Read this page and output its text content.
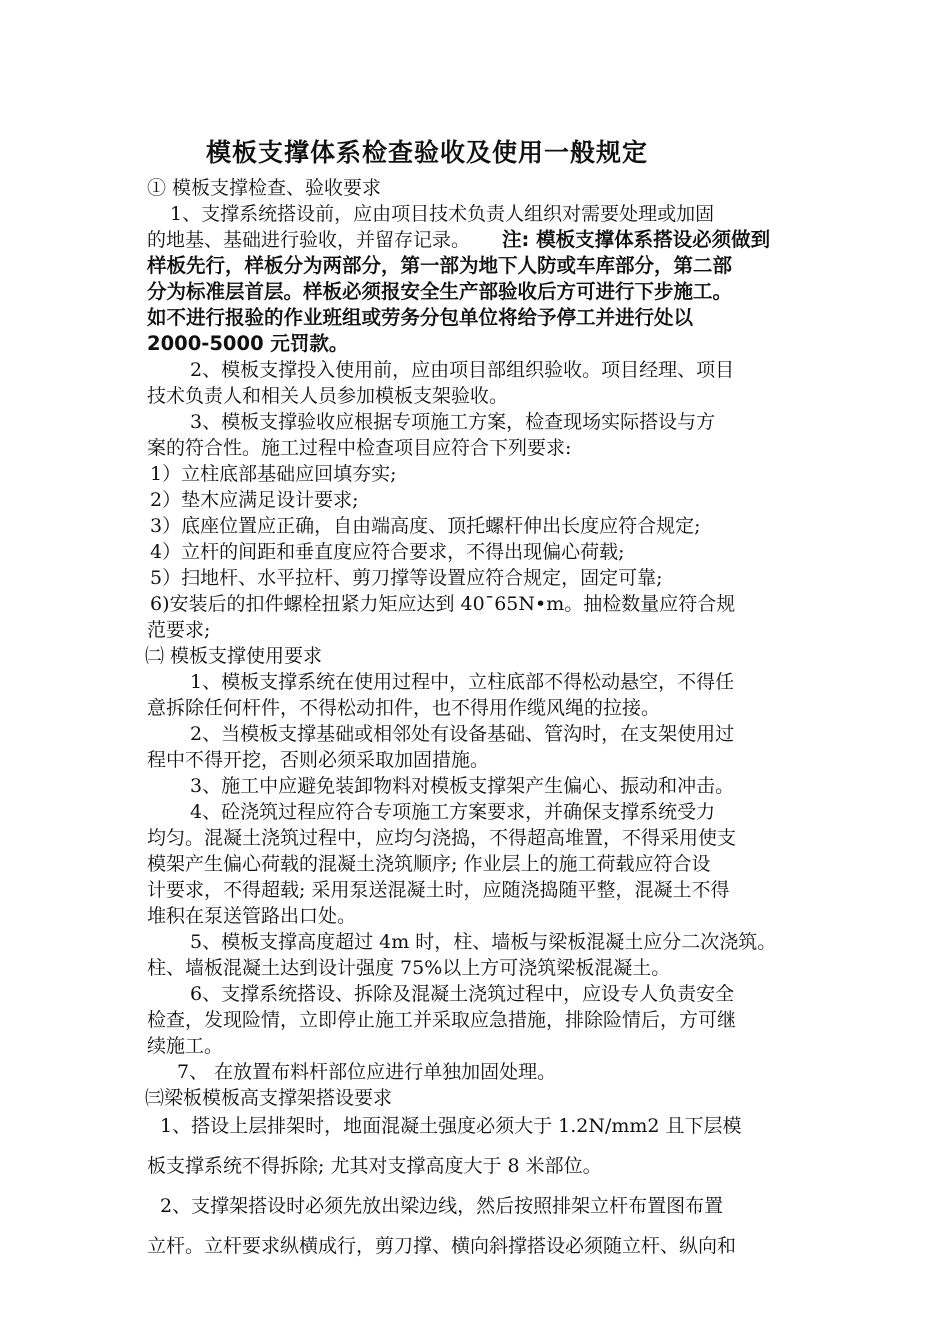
模板支撑体系检查验收及使用一般规定
① 模板支撑检查、验收要求
1、支撑系统搭设前，应由项目技术负责人组织对需要处理或加固
的地基、基础进行验收，并留存记录。 注: 模板支撑体系搭设必须做到
样板先行，样板分为两部分，第一部为地下人防或车库部分，第二部
分为标准层首层。样板必须报安全生产部验收后方可进行下步施工。
如不进行报验的作业班组或劳务分包单位将给予停工并进行处以
2000-5000 元罚款。
2、模板支撑投入使用前，应由项目部组织验收。项目经理、项目
技术负责人和相关人员参加模板支架验收。
3、模板支撑验收应根据专项施工方案，检查现场实际搭设与方
案的符合性。施工过程中检查项目应符合下列要求:
1）立柱底部基础应回填夯实;
2）垫木应满足设计要求;
3）底座位置应正确，自由端高度、顶托螺杆伸出长度应符合规定;
4）立杆的间距和垂直度应符合要求，不得出现偏心荷载;
5）扫地杆、水平拉杆、剪刀撑等设置应符合规定，固定可靠;
6)安装后的扣件螺栓扭紧力矩应达到 40¯65N•m。抽检数量应符合规
范要求;
㈡ 模板支撑使用要求
1、模板支撑系统在使用过程中，立柱底部不得松动悬空，不得任
意拆除任何杆件，不得松动扣件，也不得用作缆风绳的拉接。
2、当模板支撑基础或相邻处有设备基础、管沟时，在支架使用过
程中不得开挖，否则必须采取加固措施。
3、施工中应避免装卸物料对模板支撑架产生偏心、振动和冲击。
4、砼浇筑过程应符合专项施工方案要求，并确保支撑系统受力
均匀。混凝土浇筑过程中，应均匀浇捣，不得超高堆置，不得采用使支
模架产生偏心荷载的混凝土浇筑顺序; 作业层上的施工荷载应符合设
计要求，不得超载; 采用泵送混凝土时，应随浇捣随平整，混凝土不得
堆积在泵送管路出口处。
5、模板支撑高度超过 4m 时，柱、墙板与梁板混凝土应分二次浇筑。
柱、墙板混凝土达到设计强度 75%以上方可浇筑梁板混凝土。
6、支撑系统搭设、拆除及混凝土浇筑过程中，应设专人负责安全
检查，发现险情，立即停止施工并采取应急措施，排除险情后，方可继
续施工。
7、 在放置布料杆部位应进行单独加固处理。
㈢梁板模板高支撑架搭设要求
1、搭设上层排架时，地面混凝土强度必须大于 1.2N/mm2 且下层模
板支撑系统不得拆除; 尤其对支撑高度大于 8 米部位。
2、支撑架搭设时必须先放出梁边线，然后按照排架立杆布置图布置
立杆。立杆要求纵横成行，剪刀撑、横向斜撑搭设必须随立杆、纵向和
